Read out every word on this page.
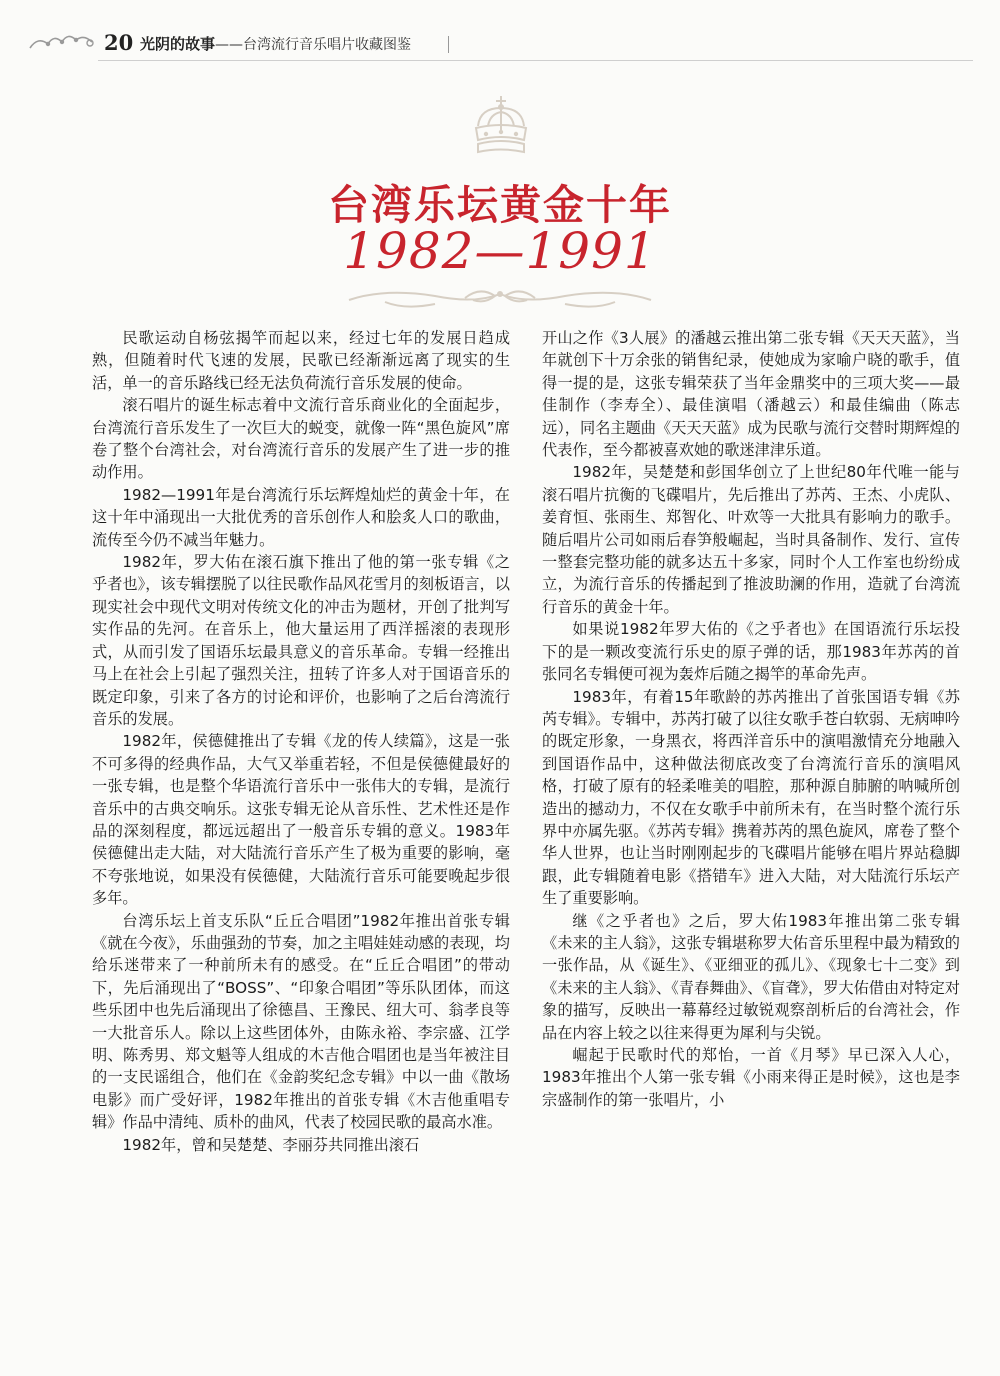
20 光阴的故事 ——台湾流行音乐唱片收藏图鉴
台湾乐坛黄金十年
1982—1991

民歌运动自杨弦揭竿而起以来，经过七年的发展日趋成熟，但随着时代飞速的发展，民歌已经渐渐远离了现实的生活，单一的音乐路线已经无法负荷流行音乐发展的使命。

滚石唱片的诞生标志着中文流行音乐商业化的全面起步，台湾流行音乐发生了一次巨大的蜕变，就像一阵“黑色旋风”席卷了整个台湾社会，对台湾流行音乐的发展产生了进一步的推动作用。

1982—1991年是台湾流行乐坛辉煌灿烂的黄金十年，在这十年中涌现出一大批优秀的音乐创作人和脍炙人口的歌曲，流传至今仍不减当年魅力。

1982年，罗大佑在滚石旗下推出了他的第一张专辑《之乎者也》，该专辑摆脱了以往民歌作品风花雪月的刻板语言，以现实社会中现代文明对传统文化的冲击为题材，开创了批判写实作品的先河。在音乐上，他大量运用了西洋摇滚的表现形式，从而引发了国语乐坛最具意义的音乐革命。专辑一经推出马上在社会上引起了强烈关注，扭转了许多人对于国语音乐的既定印象，引来了各方的讨论和评价，也影响了之后台湾流行音乐的发展。

1982年，侯德健推出了专辑《龙的传人续篇》，这是一张不可多得的经典作品，大气又举重若轻，不但是侯德健最好的一张专辑，也是整个华语流行音乐中一张伟大的专辑，是流行音乐中的古典交响乐。这张专辑无论从音乐性、艺术性还是作品的深刻程度，都远远超出了一般音乐专辑的意义。1983年侯德健出走大陆，对大陆流行音乐产生了极为重要的影响，毫不夸张地说，如果没有侯德健，大陆流行音乐可能要晚起步很多年。

台湾乐坛上首支乐队“丘丘合唱团”1982年推出首张专辑《就在今夜》，乐曲强劲的节奏，加之主唱娃娃动感的表现，均给乐迷带来了一种前所未有的感受。在“丘丘合唱团”的带动下，先后涌现出了“BOSS”、“印象合唱团”等乐队团体，而这些乐团中也先后涌现出了徐德昌、王豫民、纽大可、翁孝良等一大批音乐人。除以上这些团体外，由陈永裕、李宗盛、江学明、陈秀男、郑文魁等人组成的木吉他合唱团也是当年被注目的一支民谣组合，他们在《金韵奖纪念专辑》中以一曲《散场电影》而广受好评，1982年推出的首张专辑《木吉他重唱专辑》作品中清纯、质朴的曲风，代表了校园民歌的最高水准。

1982年，曾和吴楚楚、李丽芬共同推出滚石

开山之作《3人展》的潘越云推出第二张专辑《天天天蓝》，当年就创下十万余张的销售纪录，使她成为家喻户晓的歌手，值得一提的是，这张专辑荣获了当年金鼎奖中的三项大奖——最佳制作（李寿全）、最佳演唱（潘越云）和最佳编曲（陈志远），同名主题曲《天天天蓝》成为民歌与流行交替时期辉煌的代表作，至今都被喜欢她的歌迷津津乐道。

1982年，吴楚楚和彭国华创立了上世纪80年代唯一能与滚石唱片抗衡的飞碟唱片，先后推出了苏芮、王杰、小虎队、姜育恒、张雨生、郑智化、叶欢等一大批具有影响力的歌手。随后唱片公司如雨后春笋般崛起，当时具备制作、发行、宣传一整套完整功能的就多达五十多家，同时个人工作室也纷纷成立，为流行音乐的传播起到了推波助澜的作用，造就了台湾流行音乐的黄金十年。

如果说1982年罗大佑的《之乎者也》在国语流行乐坛投下的是一颗改变流行乐史的原子弹的话，那1983年苏芮的首张同名专辑便可视为轰炸后随之揭竿的革命先声。

1983年，有着15年歌龄的苏芮推出了首张国语专辑《苏芮专辑》。专辑中，苏芮打破了以往女歌手苍白软弱、无病呻吟的既定形象，一身黑衣，将西洋音乐中的演唱激情充分地融入到国语作品中，这种做法彻底改变了台湾流行音乐的演唱风格，打破了原有的轻柔唯美的唱腔，那种源自肺腑的呐喊所创造出的撼动力，不仅在女歌手中前所未有，在当时整个流行乐界中亦属先驱。《苏芮专辑》携着苏芮的黑色旋风，席卷了整个华人世界，也让当时刚刚起步的飞碟唱片能够在唱片界站稳脚跟，此专辑随着电影《搭错车》进入大陆，对大陆流行乐坛产生了重要影响。

继《之乎者也》之后，罗大佑1983年推出第二张专辑《未来的主人翁》，这张专辑堪称罗大佑音乐里程中最为精致的一张作品，从《诞生》、《亚细亚的孤儿》、《现象七十二变》到《未来的主人翁》、《青春舞曲》、《盲聋》，罗大佑借由对特定对象的描写，反映出一幕幕经过敏锐观察剖析后的台湾社会，作品在内容上较之以往来得更为犀利与尖锐。

崛起于民歌时代的郑怡，一首《月琴》早已深入人心，1983年推出个人第一张专辑《小雨来得正是时候》，这也是李宗盛制作的第一张唱片，小
